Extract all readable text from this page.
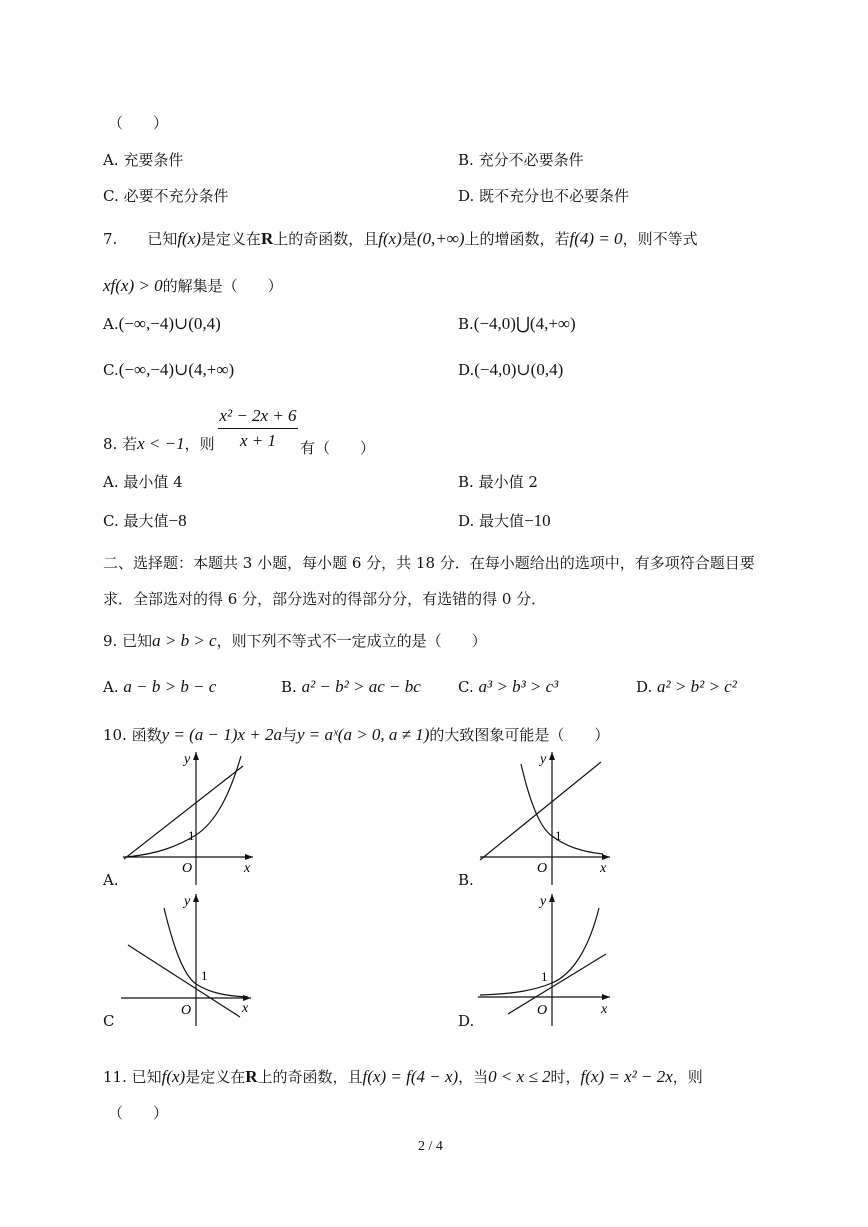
（　　）
A. 充要条件	B. 充分不必要条件
C. 必要不充分条件	D. 既不充分也不必要条件
7. 已知f(x)是定义在R上的奇函数，且f(x)是(0,+∞)上的增函数，若f(4) = 0，则不等式
xf(x) > 0的解集是（　　）
A.(−∞,−4)∪(0,4)	B.(−4,0)⋃(4,+∞)
C.(−∞,−4)∪(4,+∞)	D.(−4,0)∪(0,4)
8. 若x < −1，则
x² − 2x + 6
x + 1	有（　　）
A. 最小值 4	B. 最小值 2
C. 最大值−8	D. 最大值−10
二、选择题：本题共 3 小题，每小题 6 分，共 18 分．在每小题给出的选项中，有多项符合题目要
求．全部选对的得 6 分，部分选对的得部分分，有选错的得 0 分．
9. 已知a > b > c，则下列不等式不一定成立的是（　　）
A. a − b > b − c	B. a² − b² > ac − bc C. a³ > b³ > c³	D. a² > b² > c²
10. 函数y = (a − 1)x + 2a与y = aˣ(a > 0, a ≠ 1)的大致图象可能是（　　）
A.
y
x
O
1
B.
y
x
O
1
C
y
x
O
1
D.
y
x
O
1
11. 已知f(x)是定义在R上的奇函数，且f(x) = f(4 − x)，当0 < x ≤ 2时，f(x) = x² − 2x，则
（　　）
2 / 4
